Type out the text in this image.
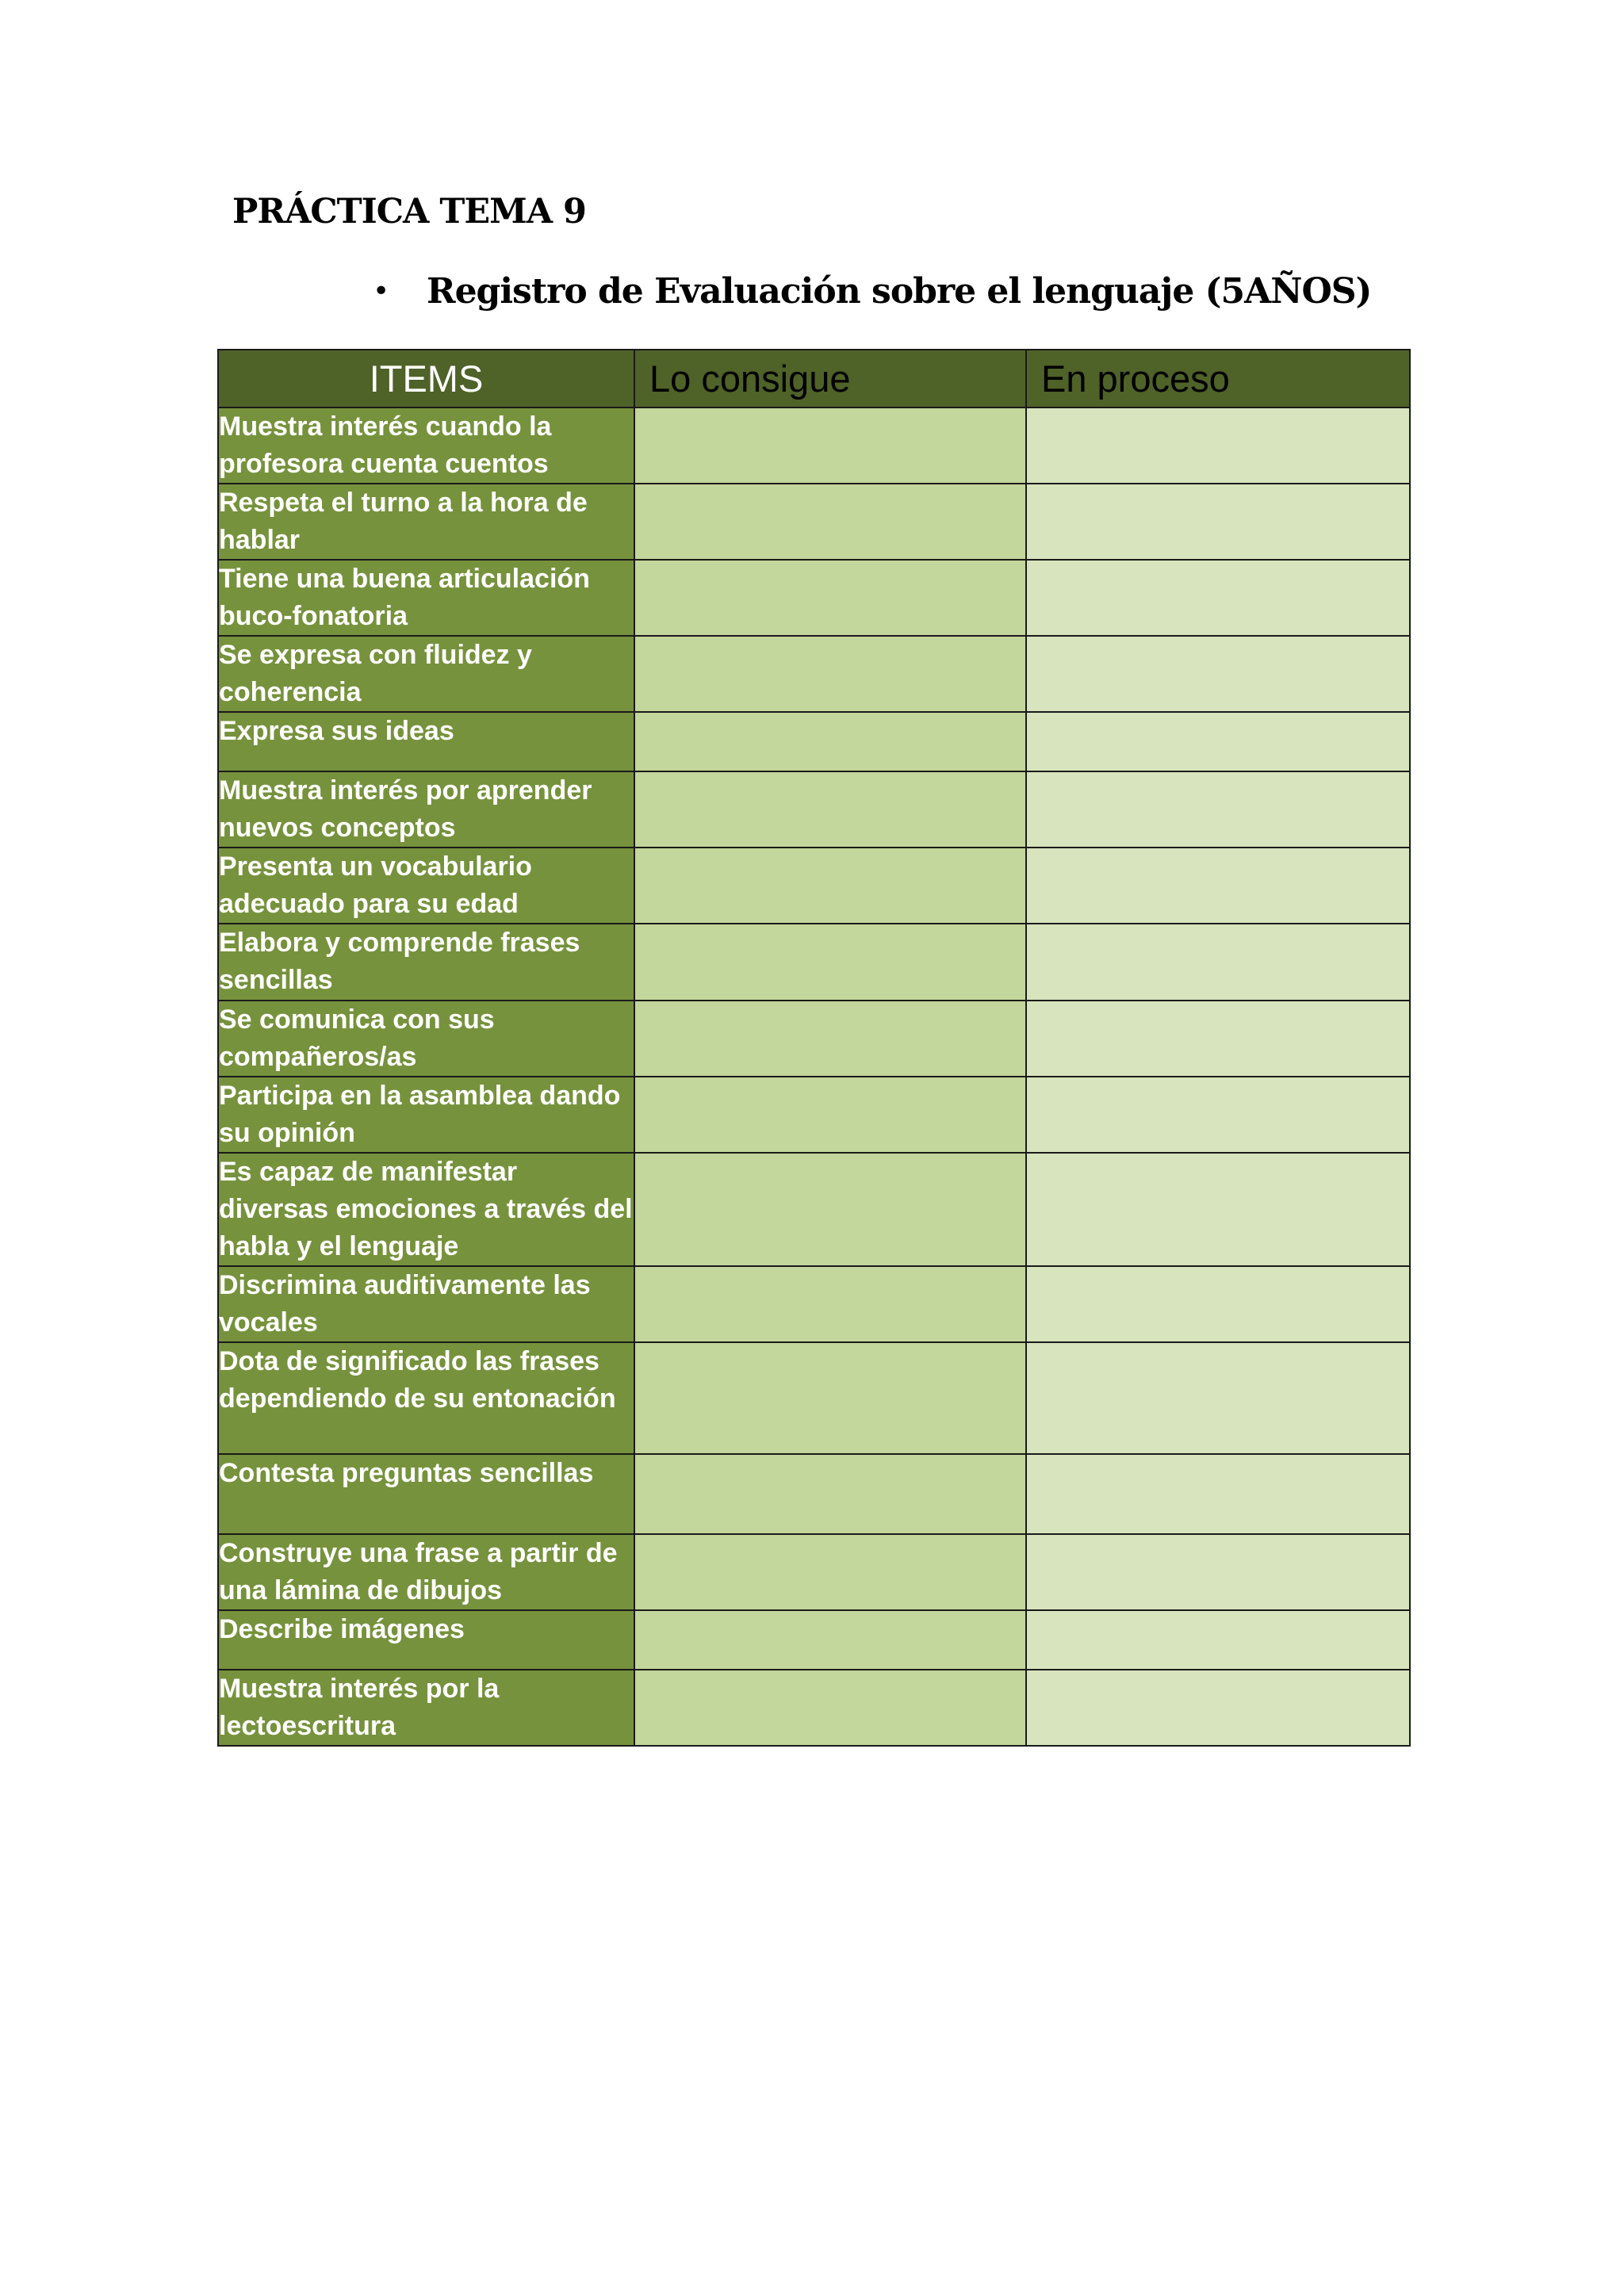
PRÁCTICA TEMA 9
•	Registro de Evaluación sobre el lenguaje (5AÑOS)
ITEMS	Lo consigue	En proceso
Muestra interés cuando la profesora cuenta cuentos		
Respeta el turno a la hora de hablar		
Tiene una buena articulación buco-fonatoria		
Se expresa con fluidez y coherencia		
Expresa sus ideas		
Muestra interés por aprender nuevos conceptos		
Presenta un vocabulario adecuado para su edad		
Elabora y comprende frases sencillas		
Se comunica con sus compañeros/as		
Participa en la asamblea dando su opinión		
Es capaz de manifestar diversas emociones a través del habla y el lenguaje		
Discrimina auditivamente las vocales		
Dota de significado las frases dependiendo de su entonación		
Contesta preguntas sencillas		
Construye una frase a partir de una lámina de dibujos		
Describe imágenes		
Muestra interés por la lectoescritura		
